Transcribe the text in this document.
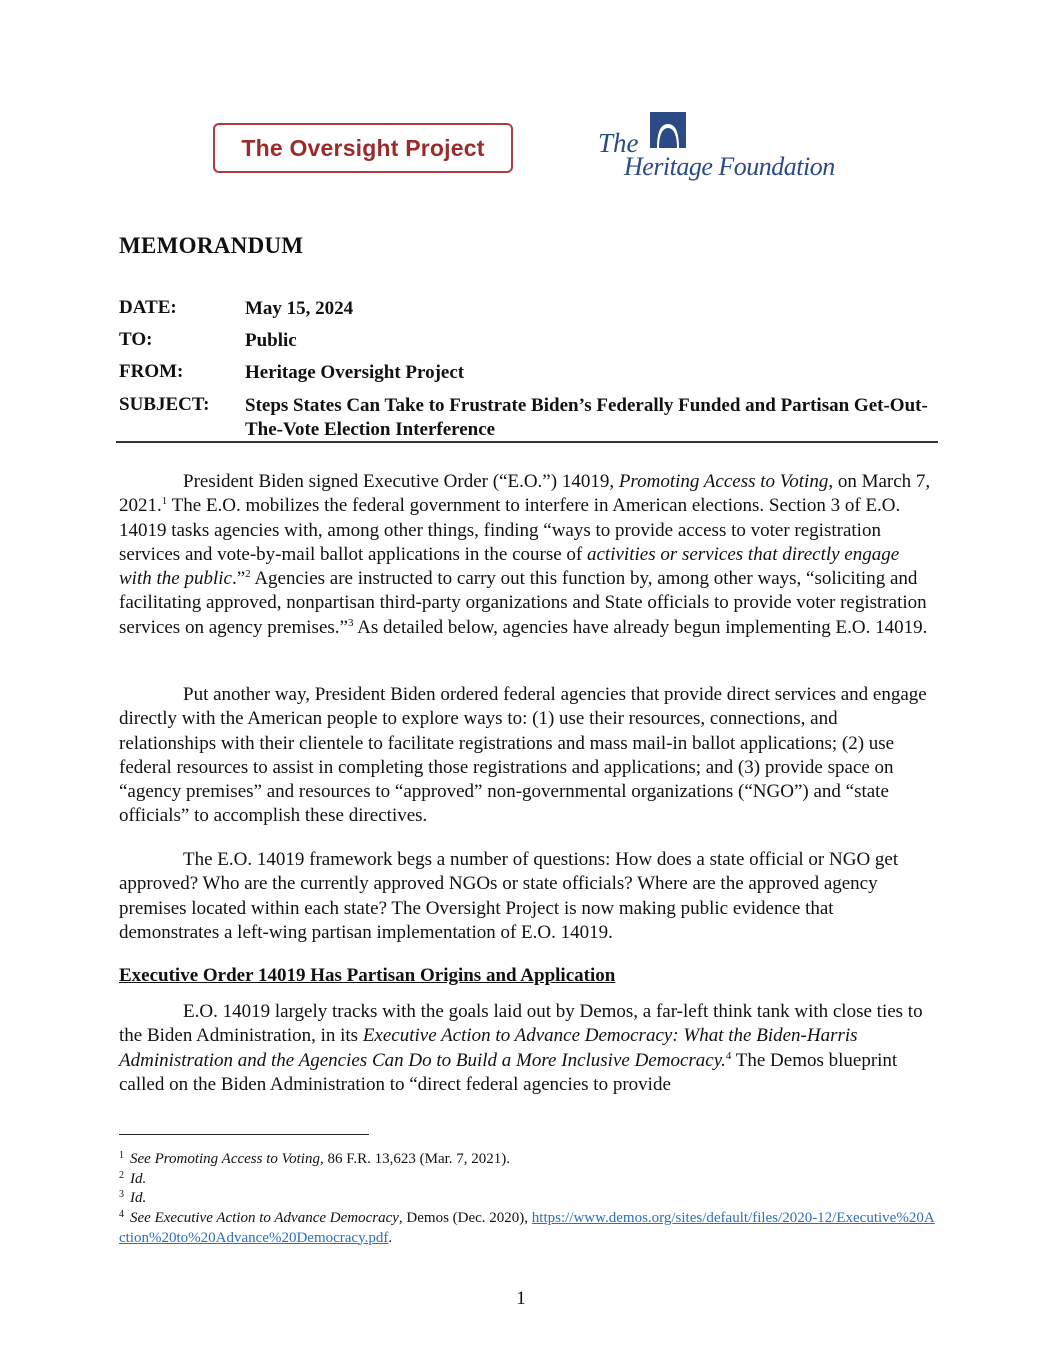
The Oversight Project	The
Heritage Foundation
MEMORANDUM
DATE:	May 15, 2024
TO:	Public
FROM:	Heritage Oversight Project
SUBJECT: Steps States Can Take to Frustrate Biden’s Federally Funded and Partisan Get-Out-The-Vote Election Interference

President Biden signed Executive Order (“E.O.”) 14019, Promoting Access to Voting, on March 7, 2021.$^1$ The E.O. mobilizes the federal government to interfere in American elections. Section 3 of E.O. 14019 tasks agencies with, among other things, finding “ways to provide access to voter registration services and vote-by-mail ballot applications in the course of activities or services that directly engage with the public.”$^2$ Agencies are instructed to carry out this function by, among other ways, “soliciting and facilitating approved, nonpartisan third-party organizations and State officials to provide voter registration services on agency premises.”$^3$ As detailed below, agencies have already begun implementing E.O. 14019.

Put another way, President Biden ordered federal agencies that provide direct services and engage directly with the American people to explore ways to: (1) use their resources, connections, and relationships with their clientele to facilitate registrations and mass mail-in ballot applications; (2) use federal resources to assist in completing those registrations and applications; and (3) provide space on “agency premises” and resources to “approved” non-governmental organizations (“NGO”) and “state officials” to accomplish these directives.

The E.O. 14019 framework begs a number of questions: How does a state official or NGO get approved? Who are the currently approved NGOs or state officials? Where are the approved agency premises located within each state? The Oversight Project is now making public evidence that demonstrates a left-wing partisan implementation of E.O. 14019.

Executive Order 14019 Has Partisan Origins and Application

E.O. 14019 largely tracks with the goals laid out by Demos, a far-left think tank with close ties to the Biden Administration, in its Executive Action to Advance Democracy: What the Biden-Harris Administration and the Agencies Can Do to Build a More Inclusive Democracy.$^4$ The Demos blueprint called on the Biden Administration to “direct federal agencies to provide

$^1$ See Promoting Access to Voting, 86 F.R. 13,623 (Mar. 7, 2021).
$^2$ Id.
$^3$ Id.
$^4$ See Executive Action to Advance Democracy, Demos (Dec. 2020), https://www.demos.org/sites/default/files/2020-12/Executive%20Action%20to%20Advance%20Democracy.pdf.
1
